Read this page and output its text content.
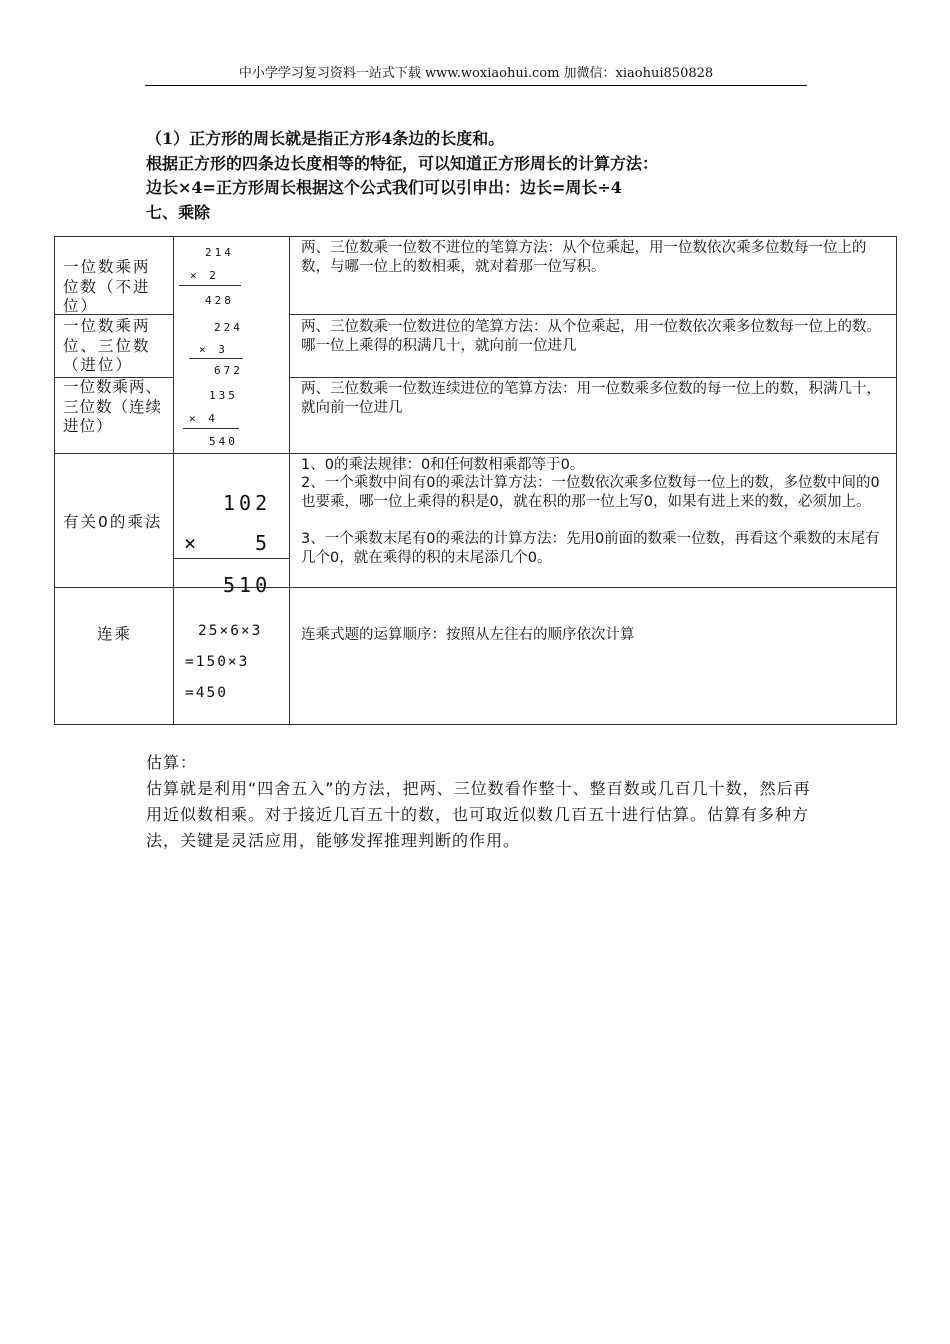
中小学学习复习资料一站式下载 www.woxiaohui.com 加微信：xiaohui850828
（1）正方形的周长就是指正方形4条边的长度和。
根据正方形的四条边长度相等的特征，可以知道正方形周长的计算方法：
边长×4=正方形周长根据这个公式我们可以引申出：边长=周长÷4
七、乘除
一位数乘两位数（不进位）
214
× 2
428
两、三位数乘一位数不进位的笔算方法：从个位乘起，用一位数依次乘多位数每一位上的数，与哪一位上的数相乘，就对着那一位写积。
一位数乘两位、三位数（进位）
224
× 3
672
两、三位数乘一位数进位的笔算方法：从个位乘起，用一位数依次乘多位数每一位上的数。哪一位上乘得的积满几十，就向前一位进几
一位数乘两、三位数（连续进位）
135
× 4
540
两、三位数乘一位数连续进位的笔算方法：用一位数乘多位数的每一位上的数，积满几十，就向前一位进几
有关0的乘法
102
×	5
510
1、0的乘法规律：0和任何数相乘都等于0。
2、一个乘数中间有0的乘法计算方法：一位数依次乘多位数每一位上的数，多位数中间的0也要乘，哪一位上乘得的积是0，就在积的那一位上写0，如果有进上来的数，必须加上。
3、一个乘数末尾有0的乘法的计算方法：先用0前面的数乘一位数，再看这个乘数的末尾有几个0，就在乘得的积的末尾添几个0。
连乘	25×6×3
=150×3
=450
连乘式题的运算顺序：按照从左往右的顺序依次计算
估算：
估算就是利用“四舍五入”的方法，把两、三位数看作整十、整百数或几百几十数，然后再用近似数相乘。对于接近几百五十的数，也可取近似数几百五十进行估算。估算有多种方法，关键是灵活应用，能够发挥推理判断的作用。
